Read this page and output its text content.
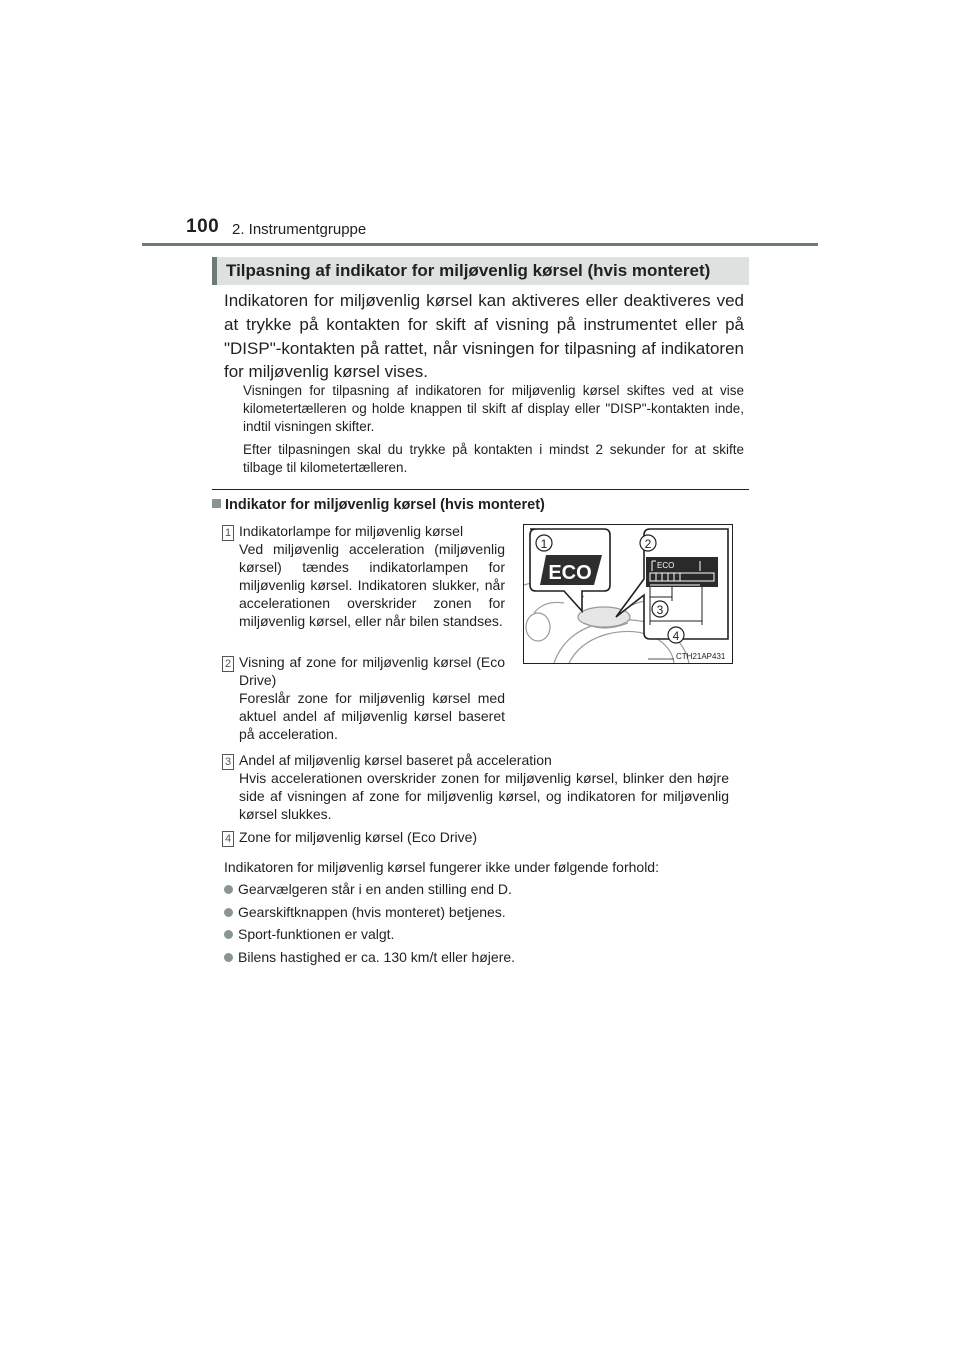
100 2. Instrumentgruppe
Tilpasning af indikator for miljøvenlig kørsel (hvis monteret)
Indikatoren for miljøvenlig kørsel kan aktiveres eller deaktiveres ved at trykke på kontakten for skift af visning på instrumentet eller på "DISP"-kontakten på rattet, når visningen for tilpasning af indikatoren for miljøvenlig kørsel vises.
Visningen for tilpasning af indikatoren for miljøvenlig kørsel skiftes ved at vise kilometertælleren og holde knappen til skift af display eller "DISP"-kontakten inde, indtil visningen skifter.
Efter tilpasningen skal du trykke på kontakten i mindst 2 sekunder for at skifte tilbage til kilometertælleren.
Indikator for miljøvenlig kørsel (hvis monteret)
1 Indikatorlampe for miljøvenlig kørsel
Ved miljøvenlig acceleration (miljøvenlig kørsel) tændes indikatorlampen for miljøvenlig kørsel. Indikatoren slukker, når accelerationen overskrider zonen for miljøvenlig kørsel, eller når bilen standses.
2 Visning af zone for miljøvenlig kørsel (Eco Drive)
Foreslår zone for miljøvenlig kørsel med aktuel andel af miljøvenlig kørsel baseret på acceleration.
3 Andel af miljøvenlig kørsel baseret på acceleration
Hvis accelerationen overskrider zonen for miljøvenlig kørsel, blinker den højre side af visningen af zone for miljøvenlig kørsel, og indikatoren for miljøvenlig kørsel slukkes.
4 Zone for miljøvenlig kørsel (Eco Drive)
Indikatoren for miljøvenlig kørsel fungerer ikke under følgende forhold:
Gearvælgeren står i en anden stilling end D.
Gearskiftknappen (hvis monteret) betjenes.
Sport-funktionen er valgt.
Bilens hastighed er ca. 130 km/t eller højere.
ECO
1
ECO
2
3
4
CTH21AP431
